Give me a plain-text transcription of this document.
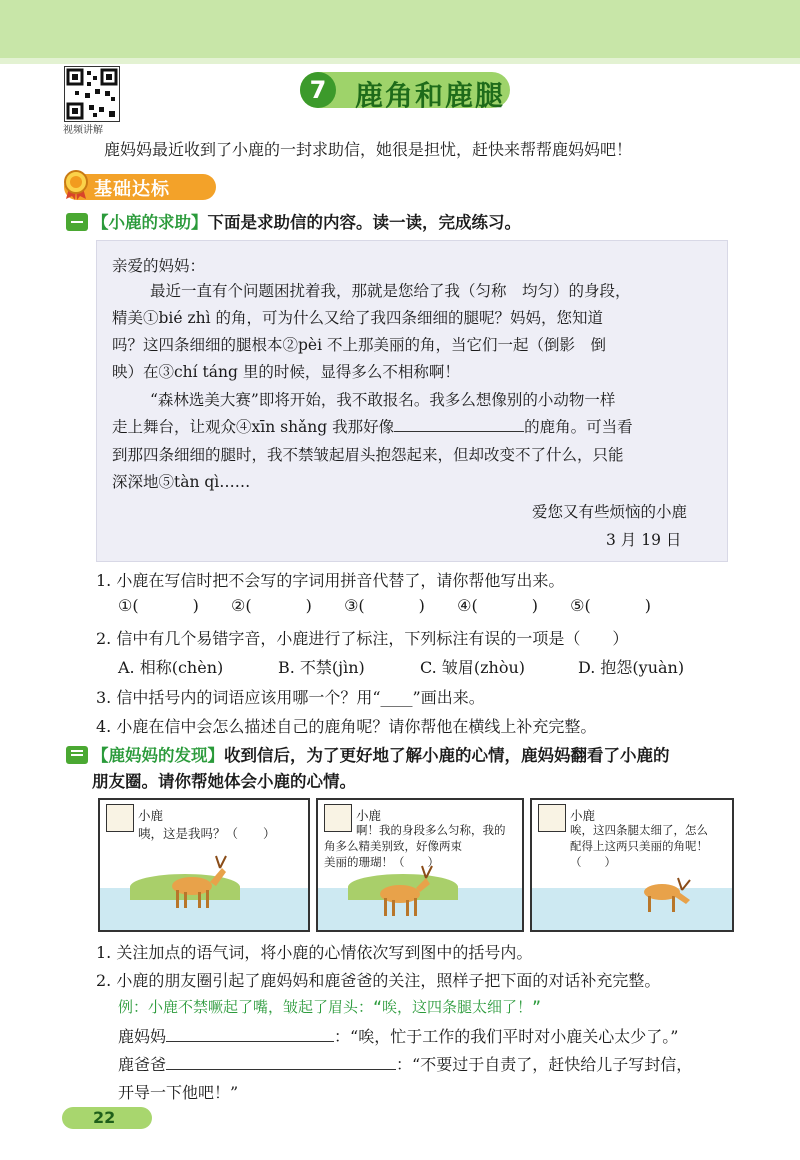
视频讲解
7	鹿角和鹿腿
鹿妈妈最近收到了小鹿的一封求助信，她很是担忧，赶快来帮帮鹿妈妈吧！
基础达标
【小鹿的求助】下面是求助信的内容。读一读，完成练习。
亲爱的妈妈：
最近一直有个问题困扰着我，那就是您给了我（匀称　均匀）的身段，
精美①bié zhì 的角，可为什么又给了我四条细细的腿呢？妈妈，您知道
吗？这四条细细的腿根本②pèi 不上那美丽的角，当它们一起（倒影　倒
映）在③chí táng 里的时候，显得多么不相称啊！
“森林选美大赛”即将开始，我不敢报名。我多么想像别的小动物一样
走上舞台，让观众④xīn shǎng 我那好像	的鹿角。可当看
到那四条细细的腿时，我不禁皱起眉头抱怨起来，但却改变不了什么，只能
深深地⑤tàn qì……
爱您又有些烦恼的小鹿
3 月 19 日
1. 小鹿在写信时把不会写的字词用拼音代替了，请你帮他写出来。
①(	) ②(	) ③(	) ④(	) ⑤(	)
2. 信中有几个易错字音，小鹿进行了标注，下列标注有误的一项是（　　）
A. 相称(chèn)	B. 不禁(jìn)	C. 皱眉(zhòu)	D. 抱怨(yuàn)
3. 信中括号内的词语应该用哪一个？用“____”画出来。
4. 小鹿在信中会怎么描述自己的鹿角呢？请你帮他在横线上补充完整。
【鹿妈妈的发现】收到信后，为了更好地了解小鹿的心情，鹿妈妈翻看了小鹿的
朋友圈。请你帮她体会小鹿的心情。
小鹿
咦，这是我吗？（　　）
小鹿
啊！我的身段多么匀称，我的
角多么精美别致，好像两束
美丽的珊瑚！（　　）
小鹿
唉，这四条腿太细了，怎么
配得上这两只美丽的角呢！
（　　）
1. 关注加点的语气词，将小鹿的心情依次写到图中的括号内。
2. 小鹿的朋友圈引起了鹿妈妈和鹿爸爸的关注，照样子把下面的对话补充完整。
例：小鹿不禁噘起了嘴，皱起了眉头：“唉，这四条腿太细了！”
鹿妈妈	：“唉，忙于工作的我们平时对小鹿关心太少了。”
鹿爸爸	：“不要过于自责了，赶快给儿子写封信，
开导一下他吧！”
22
